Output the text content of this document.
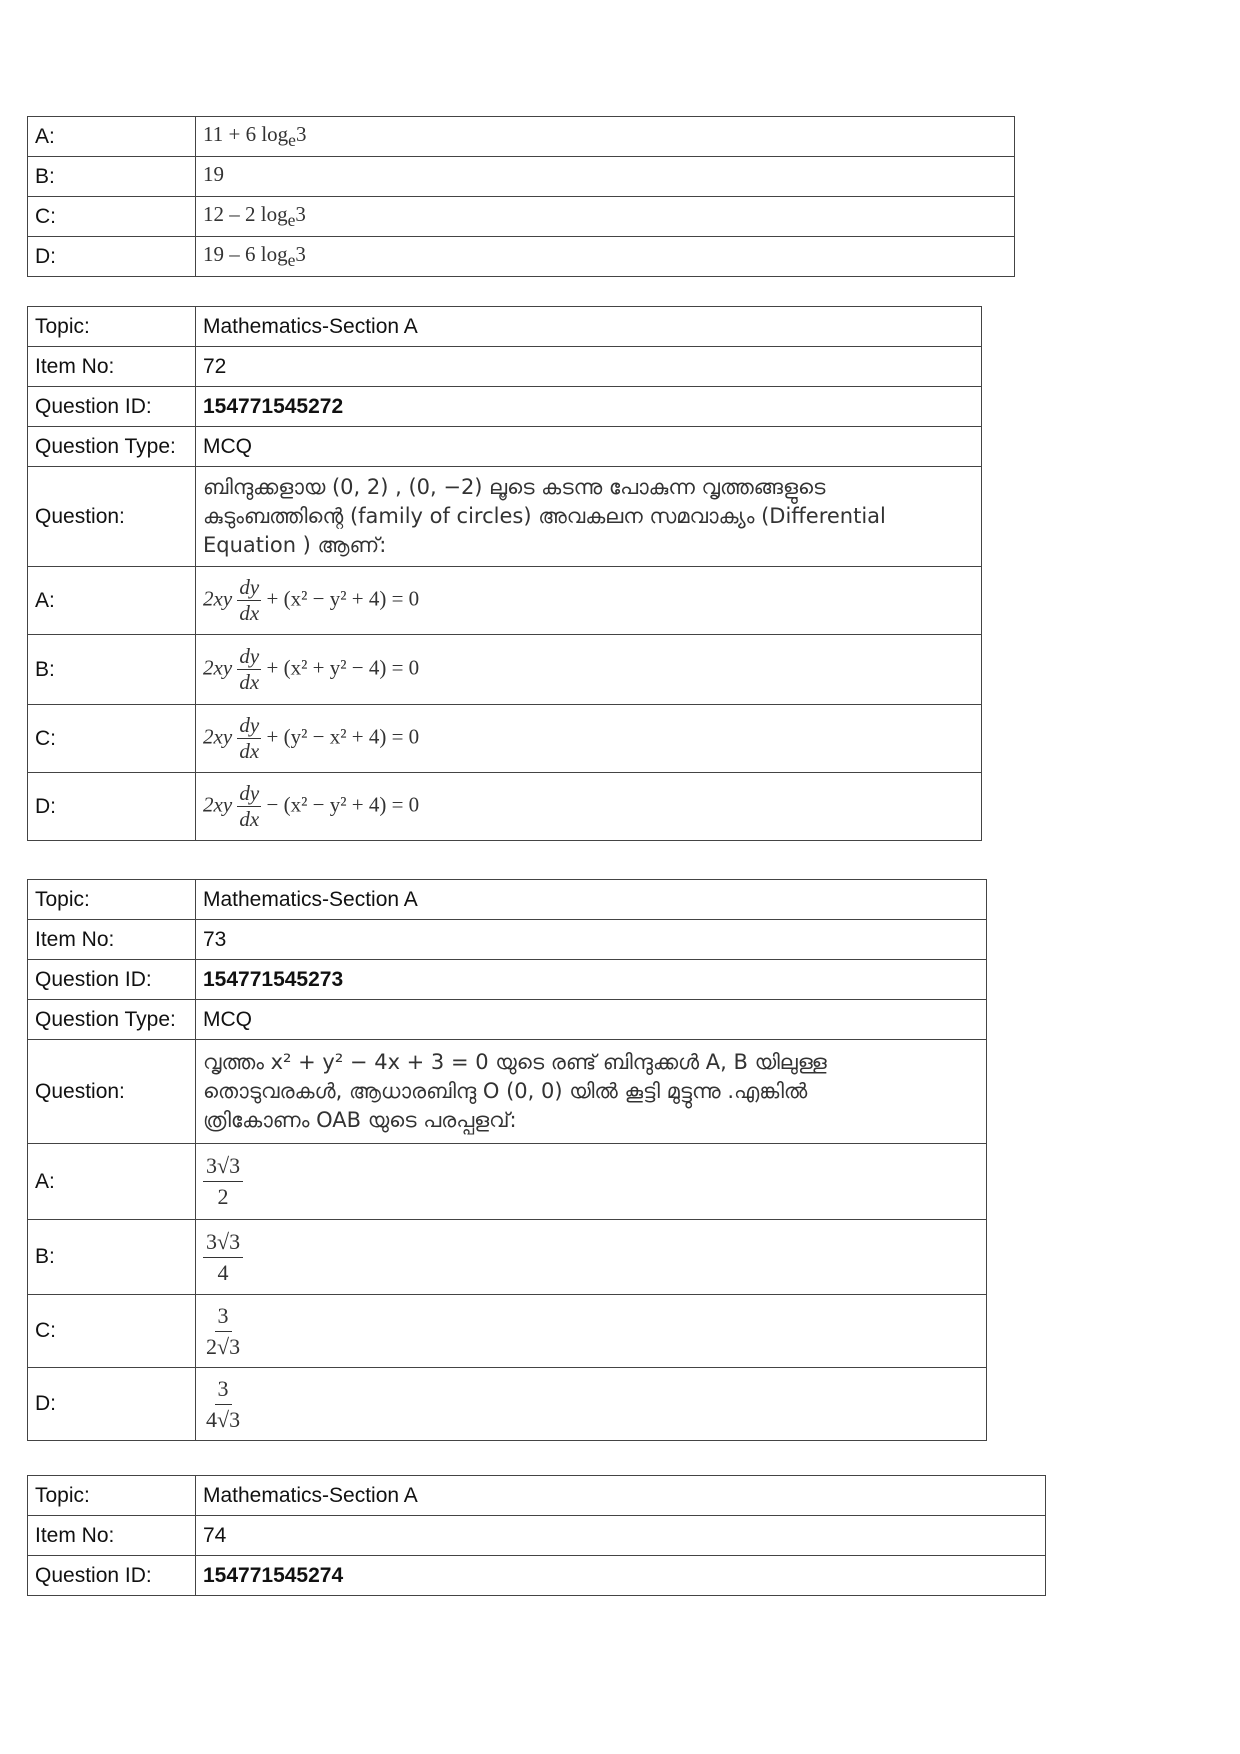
A:	11 + 6 $\log_e3$
B:	19
C:	12 – 2 $\log_e3$
D:	19 – 6 $\log_e3$
Topic:	Mathematics-Section A
Item No:	72
Question ID:	154771545272
Question Type:	MCQ
Question:	ബിന്ദുക്കളായ (0, 2) , (0, −2) ലൂടെ കടന്നു പോകുന്ന വൃത്തങ്ങളുടെ
കുടുംബത്തിന്റെ (family of circles) അവകലന സമവാക്യം (Differential
Equation ) ആണ്:

A:	$2xy \frac{dy}{dx} + (x^2 - y^2 + 4) = 0$
B:	$2xy \frac{dy}{dx} + (x^2 + y^2 - 4) = 0$
C:	$2xy \frac{dy}{dx} + (y^2 - x^2 + 4) = 0$
D:	$2xy \frac{dy}{dx} - (x^2 - y^2 + 4) = 0$
Topic:	Mathematics-Section A
Item No:	73
Question ID:	154771545273
Question Type:	MCQ
Question:	വൃത്തം x² + y² − 4x + 3 = 0 യുടെ രണ്ട് ബിന്ദുക്കൾ A, B യിലുള്ള
തൊടുവരകൾ, ആധാരബിന്ദു O (0, 0) യിൽ കൂട്ടി മുട്ടുന്നു .എങ്കിൽ
ത്രികോണം OAB യുടെ പരപ്പളവ്:

A:	$\frac{3√3}{2}$

B:	$\frac{3√3}{4}$

C:	$\frac{3}{2√3}$

D:	$\frac{3}{4√3}$
Topic:	Mathematics-Section A
Item No:	74
Question ID:	154771545274
